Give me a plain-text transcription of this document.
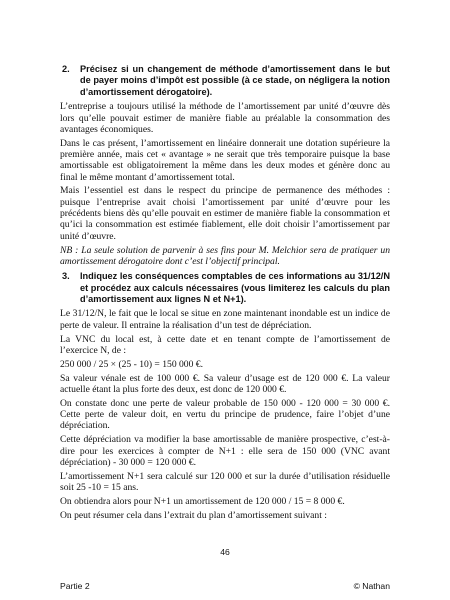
2.	Précisez si un changement de méthode d’amortissement dans le but de payer moins d’impôt est possible (à ce stade, on négligera la notion d’amortissement dérogatoire).

L’entreprise a toujours utilisé la méthode de l’amortissement par unité d’œuvre dès lors qu’elle pouvait estimer de manière fiable au préalable la consommation des avantages économiques.

Dans le cas présent, l’amortissement en linéaire donnerait une dotation supérieure la première année, mais cet « avantage » ne serait que très temporaire puisque la base amortissable est obligatoirement la même dans les deux modes et génère donc au final le même montant d’amortissement total.

Mais l’essentiel est dans le respect du principe de permanence des méthodes : puisque l’entreprise avait choisi l’amortissement par unité d’œuvre pour les précédents biens dès qu’elle pouvait en estimer de manière fiable la consommation et qu’ici la consommation est estimée fiablement, elle doit choisir l’amortissement par unité d’œuvre.

NB : La seule solution de parvenir à ses fins pour M. Melchior sera de pratiquer un amortissement dérogatoire dont c’est l’objectif principal.

3.	Indiquez les conséquences comptables de ces informations au 31/12/N et procédez aux calculs nécessaires (vous limiterez les calculs du plan d’amortissement aux lignes N et N+1).

Le 31/12/N, le fait que le local se situe en zone maintenant inondable est un indice de perte de valeur. Il entraine la réalisation d’un test de dépréciation.

La VNC du local est, à cette date et en tenant compte de l’amortissement de l’exercice N, de :

250 000 / 25 × (25 - 10) = 150 000 €.

Sa valeur vénale est de 100 000 €. Sa valeur d’usage est de 120 000 €. La valeur actuelle étant la plus forte des deux, est donc de 120 000 €.

On constate donc une perte de valeur probable de 150 000 - 120 000 = 30 000 €. Cette perte de valeur doit, en vertu du principe de prudence, faire l’objet d’une dépréciation.

Cette dépréciation va modifier la base amortissable de manière prospective, c’est-à-dire pour les exercices à compter de N+1 : elle sera de 150 000 (VNC avant dépréciation) - 30 000 = 120 000 €.

L’amortissement N+1 sera calculé sur 120 000 et sur la durée d’utilisation résiduelle soit 25 -10 = 15 ans.

On obtiendra alors pour N+1 un amortissement de 120 000 / 15 = 8 000 €.

On peut résumer cela dans l’extrait du plan d’amortissement suivant :

46
Partie 2	© Nathan
